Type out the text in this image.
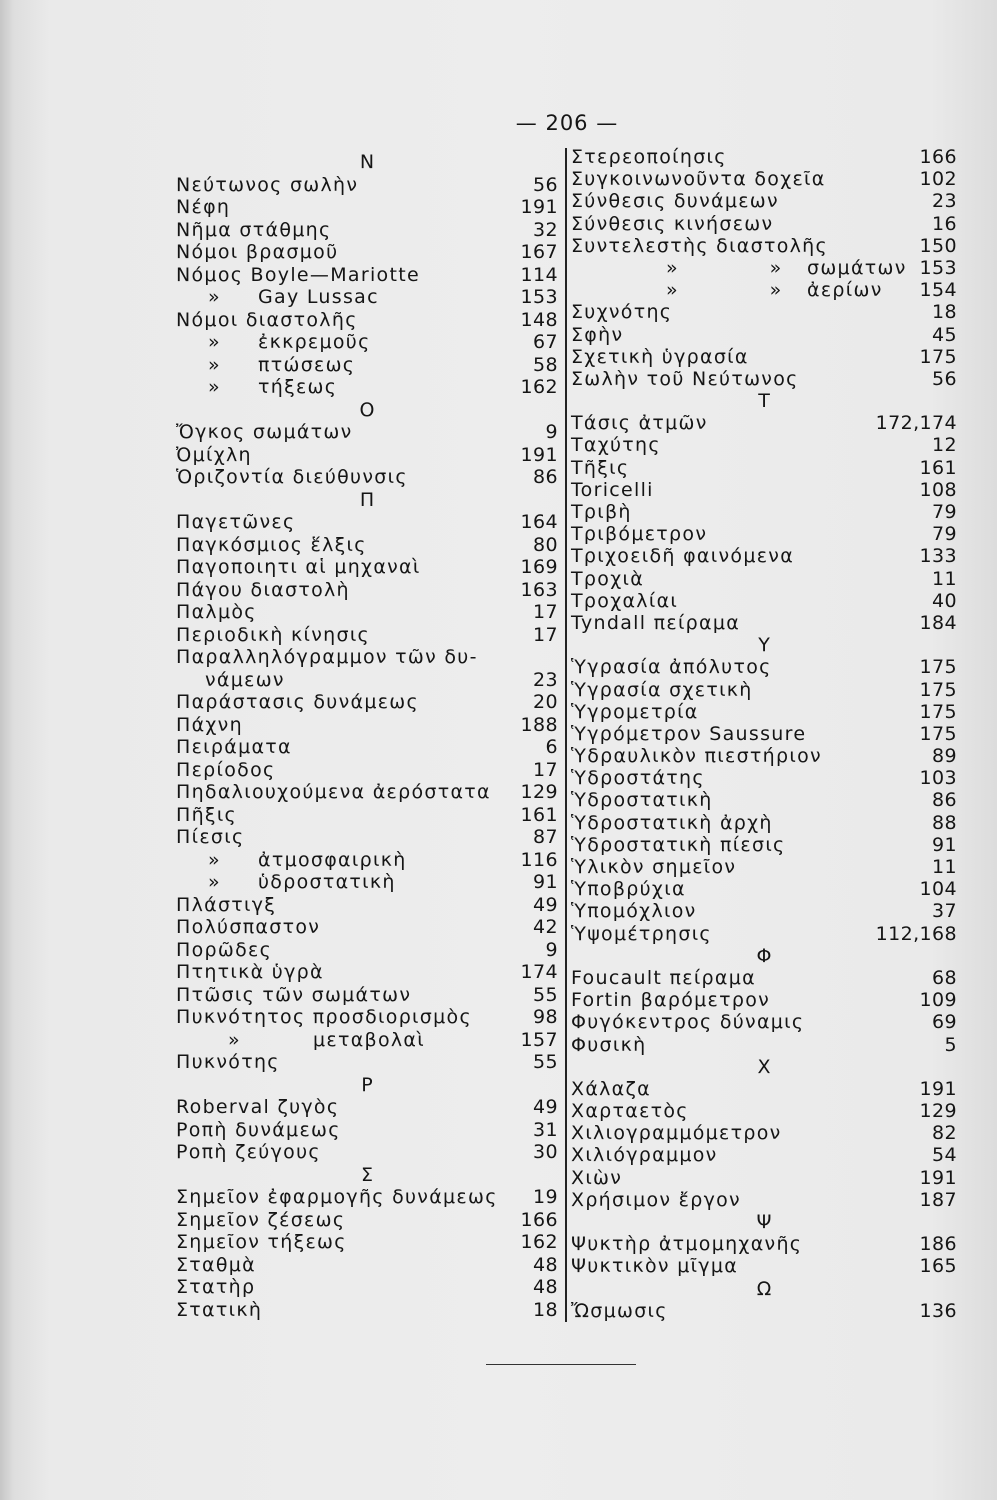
— 206 —
Ν
Νεύτωνος σωλὴν	56
Νέφη	191
Νῆμα στάθμης	32
Νόμοι βρασμοῦ	167
Νόμος Boyle—Mariotte	114
»	Gay Lussac	153
Νόμοι διαστολῆς	148
»	ἐκκρεμοῦς	67
»	πτώσεως	58
»	τήξεως	162
Ο
Ὄγκος σωμάτων	9
Ὀμίχλη	191
Ὁριζοντία διεύθυνσις	86
Π
Παγετῶνες	164
Παγκόσμιος ἕλξις	80
Παγοποιητι αἱ μηχαναὶ	169
Πάγου διαστολὴ	163
Παλμὸς	17
Περιοδικὴ κίνησις	17
Παραλληλόγραμμον τῶν δυ-
νάμεων	23
Παράστασις δυνάμεως	20
Πάχνη	188
Πειράματα	6
Περίοδος	17
Πηδαλιουχούμενα ἀερόστατα 129
Πῆξις	161
Πίεσις	87
»	ἀτμοσφαιρικὴ	116
»	ὑδροστατικὴ	91
Πλάστιγξ	49
Πολύσπαστον	42
Πορῶδες	9
Πτητικὰ ὑγρὰ	174
Πτῶσις τῶν σωμάτων	55
Πυκνότητος προσδιορισμὸς	98
»	μεταβολαὶ	157
Πυκνότης	55
Ρ
Roberval ζυγὸς	49
Ροπὴ δυνάμεως	31
Ροπὴ ζεύγους	30
Σ
Σημεῖον ἐφαρμογῆς δυνάμεως 19
Σημεῖον ζέσεως	166
Σημεῖον τήξεως	162
Σταθμὰ	48
Στατὴρ	48
Στατικὴ	18
Στερεοποίησις	166
Συγκοινωνοῦντα δοχεῖα	102
Σύνθεσις δυνάμεων	23
Σύνθεσις κινήσεων	16
Συντελεστὴς διαστολῆς	150
» »	σωμάτων 153
» »	ἀερίων 154
Συχνότης	18
Σφὴν	45
Σχετικὴ ὑγρασία	175
Σωλὴν τοῦ Νεύτωνος	56
Τ
Τάσις ἀτμῶν	172,174
Ταχύτης	12
Τῆξις	161
Toricelli	108
Τριβὴ	79
Τριβόμετρον	79
Τριχοειδῆ φαινόμενα	133
Τροχιὰ	11
Τροχαλίαι	40
Tyndall πείραμα	184
Υ
Ὑγρασία ἀπόλυτος	175
Ὑγρασία σχετικὴ	175
Ὑγρομετρία	175
Ὑγρόμετρον Saussure	175
Ὑδραυλικὸν πιεστήριον	89
Ὑδροστάτης	103
Ὑδροστατικὴ	86
Ὑδροστατικὴ ἀρχὴ	88
Ὑδροστατικὴ πίεσις	91
Ὑλικὸν σημεῖον	11
Ὑποβρύχια	104
Ὑπομόχλιον	37
Ὑψομέτρησις	112,168
Φ
Foucault πείραμα	68
Fortin βαρόμετρον	109
Φυγόκεντρος δύναμις	69
Φυσικὴ	5
Χ
Χάλαζα	191
Χαρταετὸς	129
Χιλιογραμμόμετρον	82
Χιλιόγραμμον	54
Χιὼν	191
Χρήσιμον ἔργον	187
Ψ
Ψυκτὴρ ἀτμομηχανῆς	186
Ψυκτικὸν μῖγμα	165
Ω
Ὤσμωσις	136
